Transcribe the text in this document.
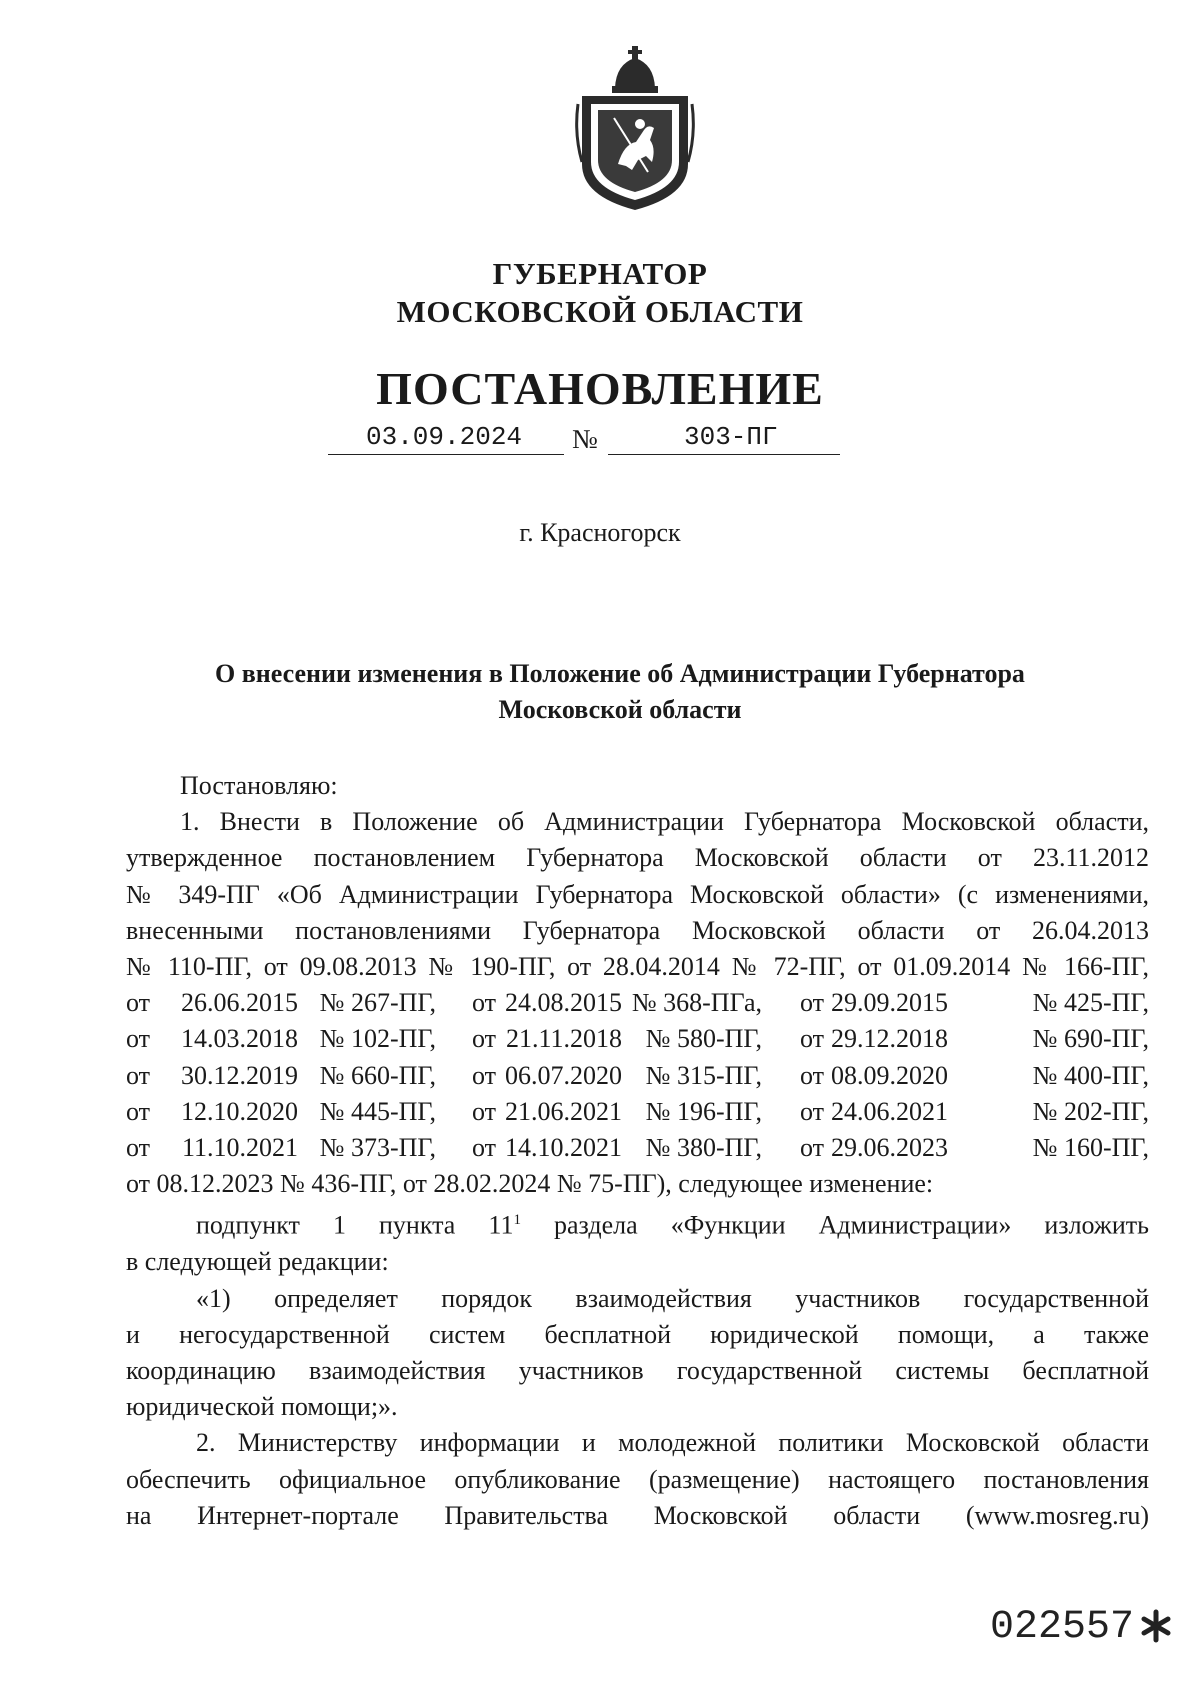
ГУБЕРНАТОР
МОСКОВСКОЙ ОБЛАСТИ
ПОСТАНОВЛЕНИЕ
03.09.2024 №	303-ПГ
г. Красногорск
О внесении изменения в Положение об Администрации Губернатора
Московской области

Постановляю:

1. Внести в Положение об Администрации Губернатора Московской области,

утвержденное постановлением Губернатора Московской области от 23.11.2012

№ 349-ПГ «Об Администрации Губернатора Московской области» (с изменениями,

внесенными постановлениями Губернатора Московской области от 26.04.2013

№ 110-ПГ, от 09.08.2013 № 190-ПГ, от 28.04.2014 № 72-ПГ, от 01.09.2014 № 166-ПГ,

от	26.06.2015	№ 267-ПГ,	от	24.08.2015	№ 368-ПГа,	от	29.09.2015	№ 425-ПГ,
от	14.03.2018	№ 102-ПГ,	от	21.11.2018	№ 580-ПГ,	от	29.12.2018	№ 690-ПГ,
от	30.12.2019	№ 660-ПГ,	от	06.07.2020	№ 315-ПГ,	от	08.09.2020	№ 400-ПГ,
от	12.10.2020	№ 445-ПГ,	от	21.06.2021	№ 196-ПГ,	от	24.06.2021	№ 202-ПГ,
от	11.10.2021	№ 373-ПГ,	от	14.10.2021	№ 380-ПГ,	от	29.06.2023	№ 160-ПГ,

от 08.12.2023 № 436-ПГ, от 28.02.2024 № 75-ПГ), следующее изменение:

подпункт 1 пункта $11^1$ раздела «Функции Администрации» изложить

в следующей редакции:

«1) определяет порядок взаимодействия участников государственной

и негосударственной систем бесплатной юридической помощи, а также

координацию взаимодействия участников государственной системы бесплатной

юридической помощи;».

2. Министерству информации и молодежной политики Московской области

обеспечить официальное опубликование (размещение) настоящего постановления

на Интернет-портале Правительства Московской области (www.mosreg.ru)

022557
